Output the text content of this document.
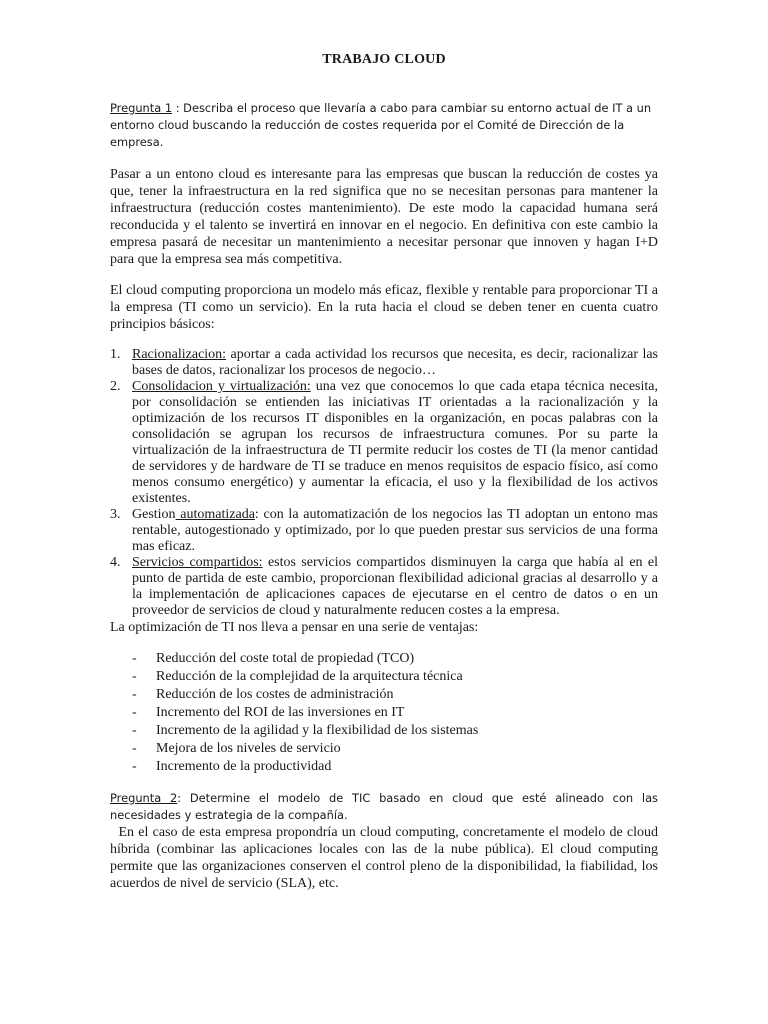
TRABAJO CLOUD

Pregunta 1 : Describa el proceso que llevaría a cabo para cambiar su entorno actual de IT a un entorno cloud buscando la reducción de costes requerida por el Comité de Dirección de la empresa.

Pasar a un entono cloud es interesante para las empresas que buscan la reducción de costes ya que, tener la infraestructura en la red significa que no se necesitan personas para mantener la infraestructura (reducción costes mantenimiento). De este modo la capacidad humana será reconducida y el talento se invertirá en innovar en el negocio. En definitiva con este cambio la empresa pasará de necesitar un mantenimiento a necesitar personar que innoven y hagan I+D para que la empresa sea más competitiva.

El cloud computing proporciona un modelo más eficaz, flexible y rentable para proporcionar TI a la empresa (TI como un servicio). En la ruta hacia el cloud se deben tener en cuenta cuatro principios básicos:

1. Racionalizacion: aportar a cada actividad los recursos que necesita, es decir, racionalizar las bases de datos, racionalizar los procesos de negocio…
2. Consolidacion y virtualización: una vez que conocemos lo que cada etapa técnica necesita, por consolidación se entienden las iniciativas IT orientadas a la racionalización y la optimización de los recursos IT disponibles en la organización, en pocas palabras con la consolidación se agrupan los recursos de infraestructura comunes. Por su parte la virtualización de la infraestructura de TI permite reducir los costes de TI (la menor cantidad de servidores y de hardware de TI se traduce en menos requisitos de espacio físico, así como menos consumo energético) y aumentar la eficacia, el uso y la flexibilidad de los activos existentes.
3. Gestion automatizada: con la automatización de los negocios las TI adoptan un entono mas rentable, autogestionado y optimizado, por lo que pueden prestar sus servicios de una forma mas eficaz.
4. Servicios compartidos: estos servicios compartidos disminuyen la carga que había al en el punto de partida de este cambio, proporcionan flexibilidad adicional gracias al desarrollo y a la implementación de aplicaciones capaces de ejecutarse en el centro de datos o en un proveedor de servicios de cloud y naturalmente reducen costes a la empresa.

La optimización de TI nos lleva a pensar en una serie de ventajas:

- Reducción del coste total de propiedad (TCO)
- Reducción de la complejidad de la arquitectura técnica
- Reducción de los costes de administración
- Incremento del ROI de las inversiones en IT
- Incremento de la agilidad y la flexibilidad de los sistemas
- Mejora de los niveles de servicio
- Incremento de la productividad

Pregunta 2: Determine el modelo de TIC basado en cloud que esté alineado con las necesidades y estrategia de la compañía.

En el caso de esta empresa propondría un cloud computing, concretamente el modelo de cloud híbrida (combinar las aplicaciones locales con las de la nube pública). El cloud computing permite que las organizaciones conserven el control pleno de la disponibilidad, la fiabilidad, los acuerdos de nivel de servicio (SLA), etc.
